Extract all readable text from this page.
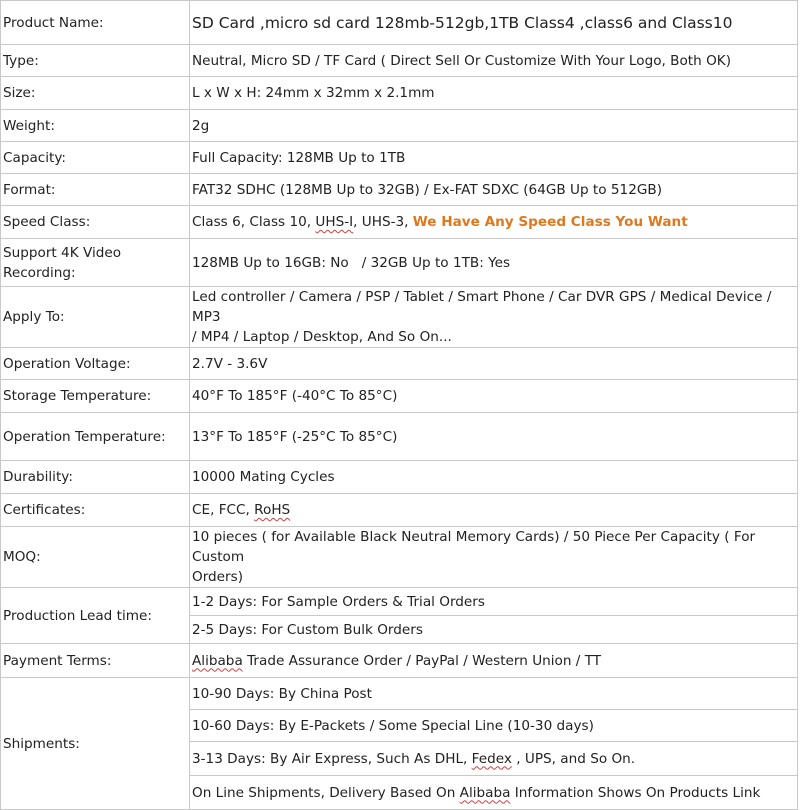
Product Name:	SD Card ,micro sd card 128mb-512gb,1TB Class4 ,class6 and Class10
Type:	Neutral, Micro SD / TF Card ( Direct Sell Or Customize With Your Logo, Both OK)
Size:	L x W x H: 24mm x 32mm x 2.1mm
Weight:	2g
Capacity:	Full Capacity: 128MB Up to 1TB
Format:	FAT32 SDHC (128MB Up to 32GB) / Ex-FAT SDXC (64GB Up to 512GB)
Speed Class:	Class 6, Class 10, UHS-I, UHS-3, We Have Any Speed Class You Want
Support 4K Video Recording:	128MB Up to 16GB: No   / 32GB Up to 1TB: Yes
Apply To:	Led controller / Camera / PSP / Tablet / Smart Phone / Car DVR GPS / Medical Device / MP3
/ MP4 / Laptop / Desktop, And So On...

Operation Voltage:	2.7V - 3.6V
Storage Temperature:	40°F To 185°F (-40°C To 85°C)
Operation Temperature:	13°F To 185°F (-25°C To 85°C)
Durability:	10000 Mating Cycles
Certificates:	CE, FCC, RoHS
MOQ:	10 pieces ( for Available Black Neutral Memory Cards) / 50 Piece Per Capacity ( For Custom
Orders)

Production Lead time:	1-2 Days: For Sample Orders & Trial Orders
	2-5 Days: For Custom Bulk Orders
Payment Terms:	Alibaba Trade Assurance Order / PayPal / Western Union / TT
Shipments:	10-90 Days: By China Post
	10-60 Days: By E-Packets / Some Special Line (10-30 days)
	3-13 Days: By Air Express, Such As DHL, Fedex , UPS, and So On.
	On Line Shipments, Delivery Based On Alibaba Information Shows On Products Link
